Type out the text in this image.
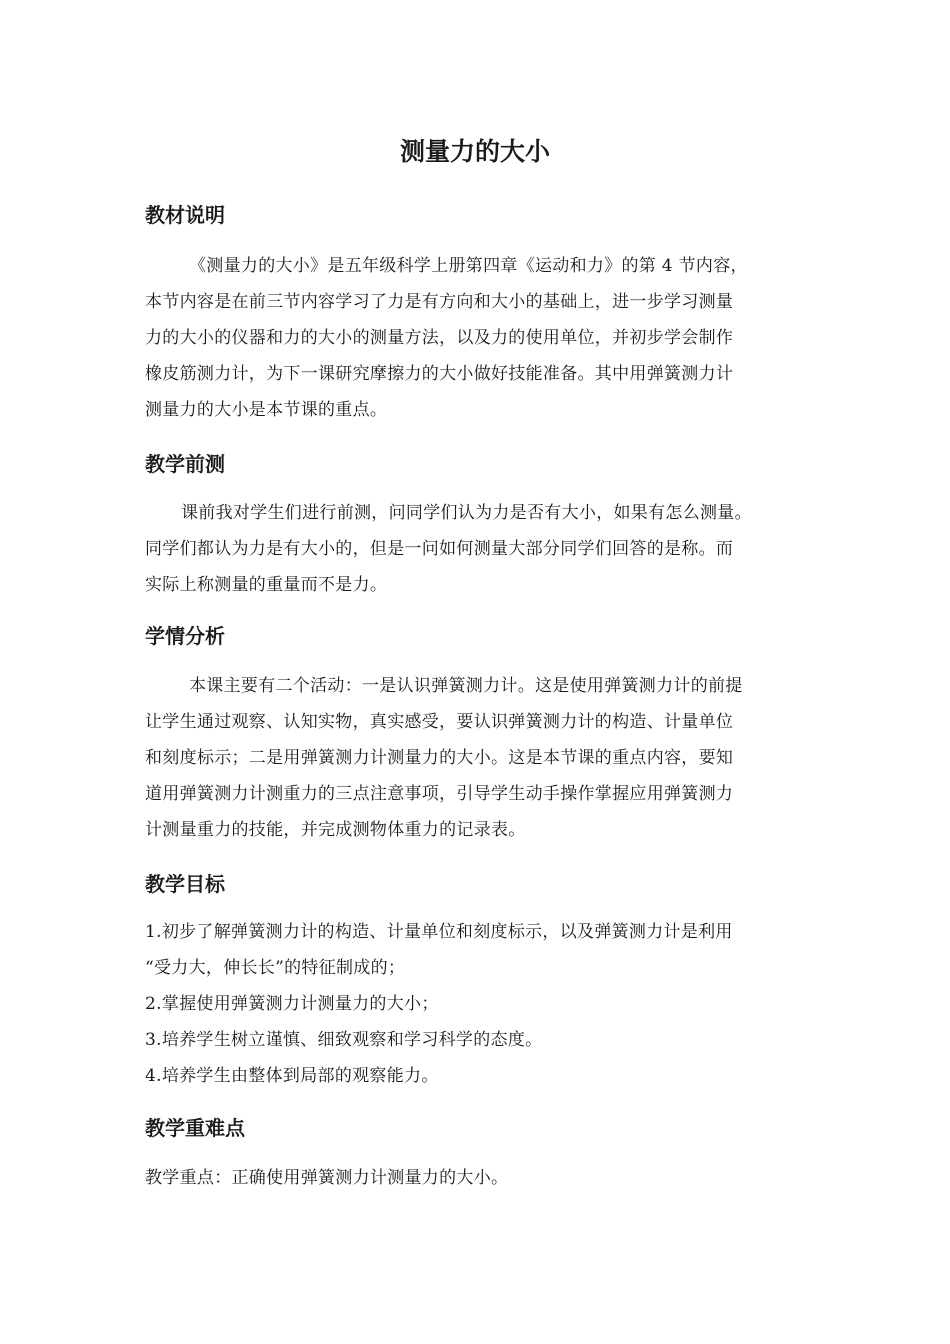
测量力的大小
教材说明
《测量力的大小》是五年级科学上册第四章《运动和力》的第 4 节内容，
本节内容是在前三节内容学习了力是有方向和大小的基础上，进一步学习测量
力的大小的仪器和力的大小的测量方法，以及力的使用单位，并初步学会制作
橡皮筋测力计，为下一课研究摩擦力的大小做好技能准备。其中用弹簧测力计
测量力的大小是本节课的重点。
教学前测
课前我对学生们进行前测，问同学们认为力是否有大小，如果有怎么测量。
同学们都认为力是有大小的，但是一问如何测量大部分同学们回答的是称。而
实际上称测量的重量而不是力。
学情分析
本课主要有二个活动：一是认识弹簧测力计。这是使用弹簧测力计的前提
让学生通过观察、认知实物，真实感受，要认识弹簧测力计的构造、计量单位
和刻度标示；二是用弹簧测力计测量力的大小。这是本节课的重点内容，要知
道用弹簧测力计测重力的三点注意事项，引导学生动手操作掌握应用弹簧测力
计测量重力的技能，并完成测物体重力的记录表。
教学目标
1.初步了解弹簧测力计的构造、计量单位和刻度标示，以及弹簧测力计是利用
“受力大，伸长长”的特征制成的；
2.掌握使用弹簧测力计测量力的大小；
3.培养学生树立谨慎、细致观察和学习科学的态度。
4.培养学生由整体到局部的观察能力。
教学重难点
教学重点：正确使用弹簧测力计测量力的大小。
